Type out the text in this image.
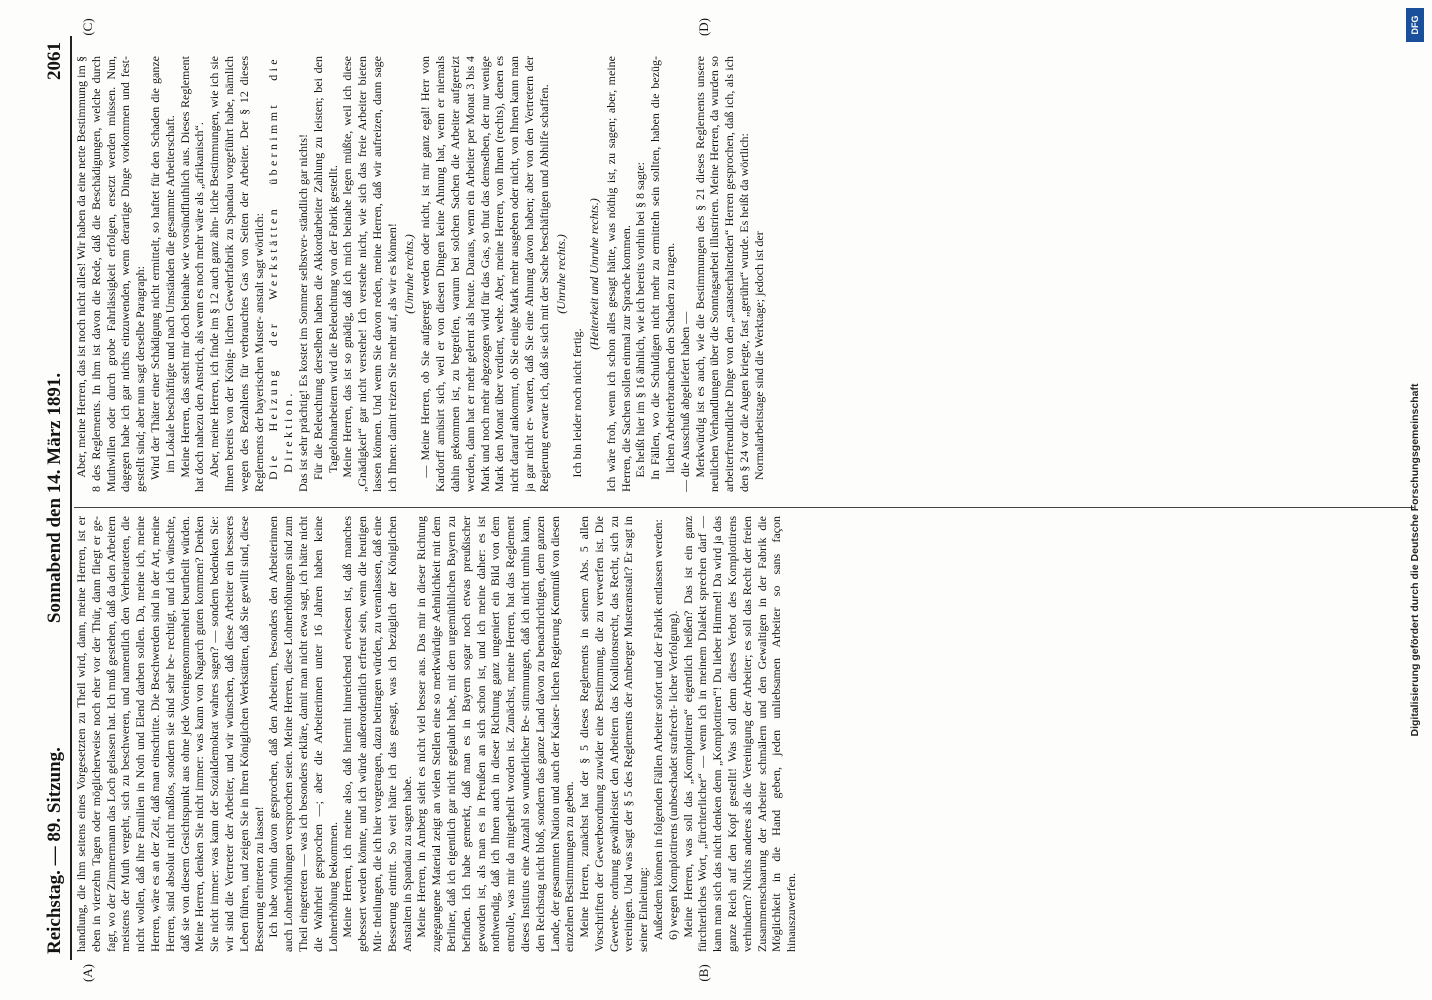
Reichstag. — 89. Sitzung.
Sonnabend den 14. März 1891.
2061
(A)	(B)
(C)	(D)

handlung, die ihm seitens eines Vorgesetzten zu Theil wird, dann, meine Herren, ist er eben in vierzehn Tagen oder möglicherweise noch eher vor der Thür, dann fliegt er ge- fagt, wo der Zimmermann das Loch gelassen hat. Ich muß gestehen, daß da den Arbeitern meistens der Muth vergeht, sich zu beschweren, und namentlich den Verheirateten, die nicht wollen, daß ihre Familien in Noth und Elend darben sollen. Da, meine ich, meine Herren, wäre es an der Zeit, daß man einschritte. Die Beschwerden sind in der Art, meine Herren, sind absolut nicht maßlos, sondern sie sind sehr be- rechtigt, und ich wünschte, daß sie von diesem Gesichtspunkt aus ohne jede Voreingenommenheit beurtheilt würden. Meine Herren, denken Sie nicht immer: was kann von Nagarch guten kommen? Denken Sie nicht immer: was kann der Sozialdemokrat wahres sagen? — sondern bedenken Sie: wir sind die Vertreter der Arbeiter, und wir wünschen, daß diese Arbeiter ein besseres Leben führen, und zeigen Sie in Ihren Königlichen Werkstätten, daß Sie gewillt sind, diese Besserung eintreten zu lassen! Ich habe vorhin davon gesprochen, daß den Arbeitern, besonders den Arbeiterinnen auch Lohnerhöhungen versprochen seien. Meine Herren, diese Lohnerhöhungen sind zum Theil eingetreten — was ich besonders erkläre, damit man nicht etwa sagt, ich hätte nicht die Wahrheit gesprochen —; aber die Arbeiterinnen unter 16 Jahren haben keine Lohnerhöhung bekommen. Meine Herren, ich meine also, daß hiermit hinreichend erwiesen ist, daß manches gebessert werden könnte, und ich würde außerordentlich erfreut sein, wenn die heutigen Mit- theilungen, die ich hier vorgetragen, dazu beitragen würden, zu veranlassen, daß eine Besserung eintritt. So weit hätte ich das gesagt, was ich bezüglich der Königlichen Anstalten in Spandau zu sagen habe. Meine Herren, in Amberg sieht es nicht viel besser aus. Das mir in dieser Richtung zugegangene Material zeigt an vielen Stellen eine so merkwürdige Aehnlichkeit mit dem Berliner, daß ich eigentlich gar nicht geglaubt habe, mit dem urgemüthlichen Bayern zu befinden. Ich habe gemerkt, daß man es in Bayern sogar noch etwas preußischer geworden ist, als man es in Preußen an sich schon ist, und ich meine daher: es ist nothwendig, daß ich Ihnen auch in dieser Richtung ganz ungeniert ein Bild von dem entrolle, was mir da mitgetheilt worden ist. Zunächst, meine Herren, hat das Reglement dieses Instituts eine Anzahl so wunderlicher Be- stimmungen, daß ich nicht umhin kann, den Reichstag nicht bloß, sondern das ganze Land davon zu benachrichtigen, dem ganzen Lande, der gesammten Nation und auch der Kaiser- lichen Regierung Kenntniß von diesen einzelnen Bestimmungen zu geben. Meine Herren, zunächst hat der § 5 dieses Reglements in seinem Abs. 5 allen Vorschriften der Gewerbeordnung zuwider eine Bestimmung, die zu verwerfen ist. Die Gewerbe- ordnung gewährleistet den Arbeitern das Koalitionsrecht, das Recht, sich zu vereinigen. Und was sagt der § 5 des Reglements der Amberger Musteranstalt? Er sagt in seiner Einleitung: Außerdem können in folgenden Fällen Arbeiter sofort und der Fabrik entlassen werden: 6) wegen Komplottirens (unbeschadet strafrecht- licher Verfolgung). Meine Herren, was soll das „Komplottiren“ eigentlich heißen? Das ist ein ganz fürchterliches Wort, „fürchterlicher“ — wenn ich in meinem Dialekt sprechen darf — kann man sich das nicht denken denn „Komplottiren“! Du lieber Himmel! Da wird ja das ganze Reich auf den Kopf gestellt! Was soll denn dieses Verbot des Komplottirens verhindern? Nichts anderes als die Vereinigung der Arbeiter; es soll das Recht der freien Zusammenschaarung der Arbeiter schmälern und den Gewaltigen in der Fabrik die Möglichkeit in die Hand geben, jeden unliebsamen Arbeiter so sans façon hinauszuwerfen.

Aber, meine Herren, das ist noch nicht alles! Wir haben da eine nette Bestimmung im § 8 des Reglements. In ihm ist davon die Rede, daß die Beschädigungen, welche durch Muthwillen oder durch grobe Fahrlässigkeit erfolgen, ersetzt werden müssen. Nun, dagegen habe ich gar nichts einzuwenden, wenn derartige Dinge vorkommen und fest- gestellt sind; aber nun sagt derselbe Paragraph: Wird der Thäter einer Schädigung nicht ermittelt, so haftet für den Schaden die ganze im Lokale beschäftigte und nach Umständen die gesammte Arbeiterschaft. Meine Herren, das steht mir doch beinahe wie vorsündfluthlich aus. Dieses Reglement hat doch nahezu den Anstrich, als wenn es noch mehr wäre als „afrikanisch“. Aber, meine Herren, ich finde im § 12 auch ganz ähn- liche Bestimmungen, wie ich sie Ihnen bereits von der König- lichen Gewehrfabrik zu Spandau vorgeführt habe, nämlich wegen des Bezahlens für verbrauchtes Gas von Seiten der Arbeiter. Der § 12 dieses Reglements der bayerischen Muster- anstalt sagt wörtlich: Die Heizung der Werkstätten übernimmt die Direktion. Das ist sehr prächtig! Es kostet im Sommer selbstver- ständlich gar nichts! Für die Beleuchtung derselben haben die Akkordarbeiter Zahlung zu leisten; bei den Tagelohnarbeitern wird die Beleuchtung von der Fabrik gestellt. Meine Herren, das ist so gnädig, daß ich mich beinahe legen müßte, weil ich diese „Gnädigkeit“ gar nicht verstehe! Ich verstehe nicht, wie sich das freie Arbeiter bieten lassen können. Und wenn Sie davon reden, meine Herren, daß wir aufreizen, dann sage ich Ihnen: damit reizen Sie mehr auf, als wir es können! (Unruhe rechts.) — Meine Herren, ob Sie aufgeregt werden oder nicht, ist mir ganz egal! Herr von Kardorff amüsirt sich, weil er von diesen Dingen keine Ahnung hat, wenn er niemals dahin gekommen ist, zu begreifen, warum bei solchen Sachen die Arbeiter aufgereizt werden, dann hat er mehr gelernt als heute. Daraus, wenn ein Arbeiter per Monat 3 bis 4 Mark und noch mehr abgezogen wird für das Gas, so thut das demselben, der nur wenige Mark den Monat über verdient, wehe. Aber, meine Herren, von Ihnen (rechts), denen es nicht darauf ankommt, ob Sie einige Mark mehr ausgeben oder nicht, von Ihnen kann man ja gar nicht er- warten, daß Sie eine Ahnung davon haben; aber von den Vertretern der Regierung erwarte ich, daß sie sich mit der Sache beschäftigen und Abhilfe schaffen. (Unruhe rechts.)

Ich bin leider noch nicht fertig.

(Heiterkeit und Unruhe rechts.) Ich wäre froh, wenn ich schon alles gesagt hätte, was nöthig ist, zu sagen; aber, meine Herren, die Sachen sollen einmal zur Sprache kommen. Es heißt hier im § 16 ähnlich, wie ich bereits vorhin bei § 8 sagte: In Fällen, wo die Schuldigen nicht mehr zu ermitteln sein sollten, haben die bezüg- lichen Arbeiterbranchen den Schaden zu tragen. — die Ausschuß abgeliefert haben — Merkwürdig ist es auch, wie die Bestimmungen des § 21 dieses Reglements unsere neulichen Verhandlungen über die Sonntagsarbeit illustriren. Meine Herren, da wurden so arbeiterfreundliche Dinge von den „staatserhaltenden“ Herren gesprochen, daß ich, als ich den § 24 vor die Augen kriegte, fast „gerührt“ wurde. Es heißt da wörtlich: Normalarbeitstage sind die Werktage; jedoch ist der

DFG
Digitalisierung gefördert durch die Deutsche Forschungsgemeinschaft
